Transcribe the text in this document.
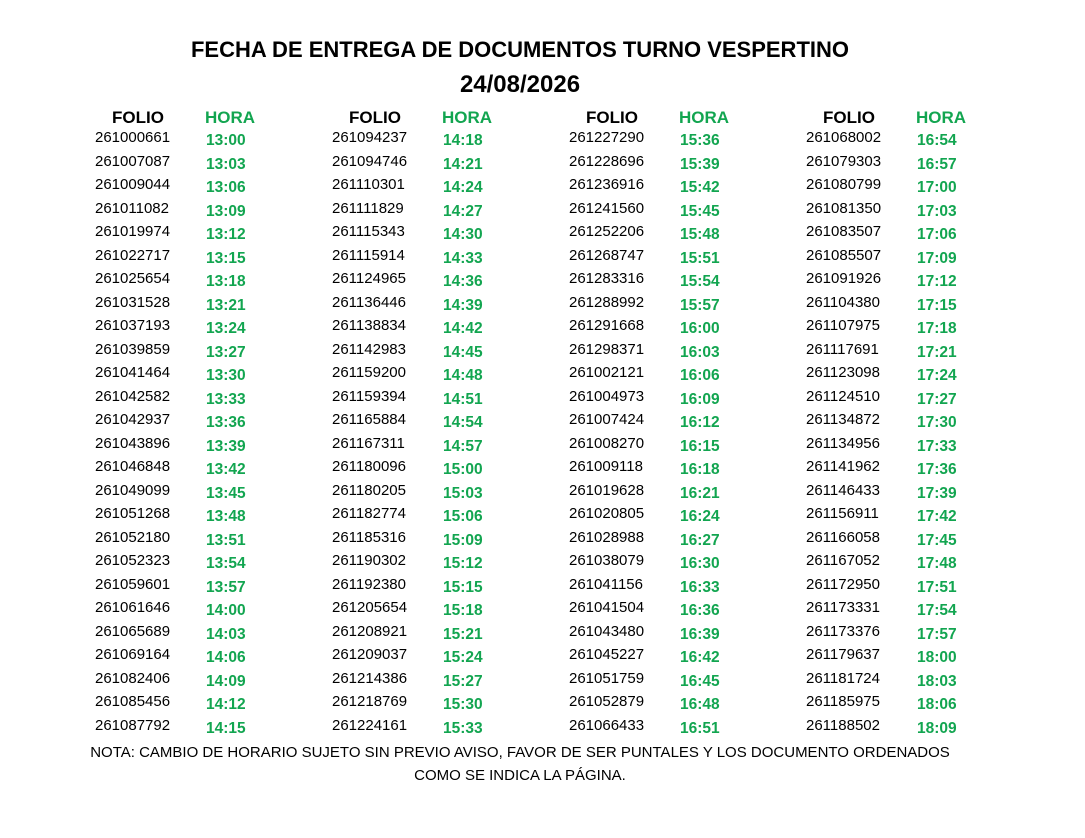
FECHA DE ENTREGA DE DOCUMENTOS TURNO VESPERTINO
24/08/2026
FOLIO HORA
261000661 13:00
261007087 13:03
261009044 13:06
261011082 13:09
261019974 13:12
261022717 13:15
261025654 13:18
261031528 13:21
261037193 13:24
261039859 13:27
261041464 13:30
261042582 13:33
261042937 13:36
261043896 13:39
261046848 13:42
261049099 13:45
261051268 13:48
261052180 13:51
261052323 13:54
261059601 13:57
261061646 14:00
261065689 14:03
261069164 14:06
261082406 14:09
261085456 14:12
261087792 14:15
FOLIO HORA
261094237 14:18
261094746 14:21
261110301 14:24
261111829	14:27
261115343 14:30
261115914 14:33
261124965 14:36
261136446 14:39
261138834 14:42
261142983 14:45
261159200 14:48
261159394 14:51
261165884 14:54
261167311 14:57
261180096 15:00
261180205 15:03
261182774 15:06
261185316 15:09
261190302 15:12
261192380 15:15
261205654 15:18
261208921 15:21
261209037 15:24
261214386 15:27
261218769 15:30
261224161 15:33
FOLIO HORA
261227290 15:36
261228696 15:39
261236916 15:42
261241560 15:45
261252206 15:48
261268747 15:51
261283316 15:54
261288992 15:57
261291668 16:00
261298371 16:03
261002121 16:06
261004973 16:09
261007424 16:12
261008270 16:15
261009118 16:18
261019628 16:21
261020805 16:24
261028988 16:27
261038079 16:30
261041156 16:33
261041504 16:36
261043480 16:39
261045227 16:42
261051759 16:45
261052879 16:48
261066433 16:51
FOLIO HORA
261068002 16:54
261079303 16:57
261080799 17:00
261081350 17:03
261083507 17:06
261085507 17:09
261091926 17:12
261104380 17:15
261107975 17:18
261117691 17:21
261123098 17:24
261124510 17:27
261134872 17:30
261134956 17:33
261141962 17:36
261146433 17:39
261156911 17:42
261166058 17:45
261167052 17:48
261172950 17:51
261173331 17:54
261173376 17:57
261179637 18:00
261181724 18:03
261185975 18:06
261188502 18:09
NOTA: CAMBIO DE HORARIO SUJETO SIN PREVIO AVISO, FAVOR DE SER PUNTALES Y LOS DOCUMENTO ORDENADOS
COMO SE INDICA LA PÁGINA.
